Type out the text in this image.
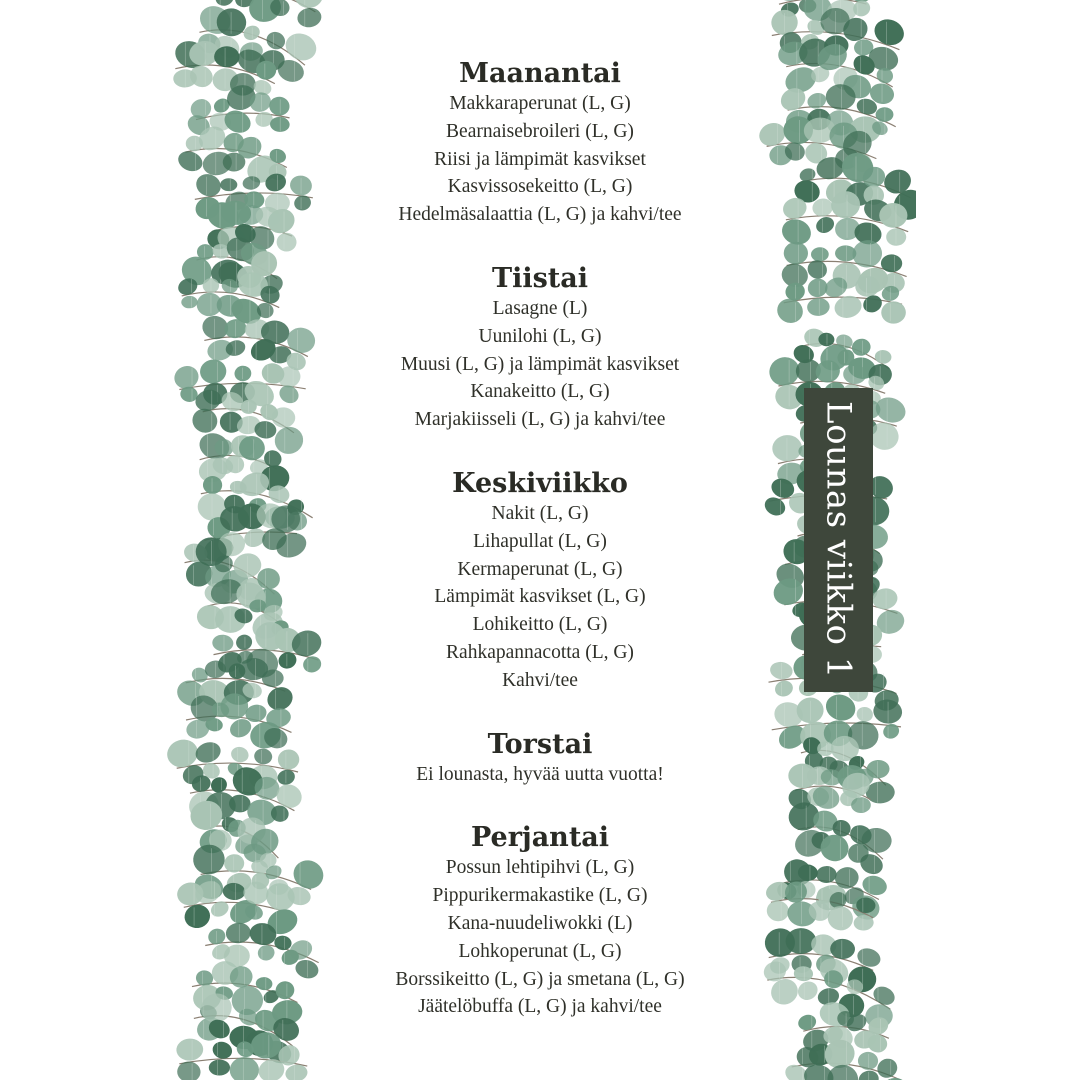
Maanantai

Makkaraperunat (L, G)

Bearnaisebroileri (L, G)

Riisi ja lämpimät kasvikset

Kasvissosekeitto (L, G)

Hedelmäsalaattia (L, G) ja kahvi/tee

Tiistai

Lasagne (L)

Uunilohi (L, G)

Muusi (L, G) ja lämpimät kasvikset

Kanakeitto (L, G)

Marjakiisseli (L, G) ja kahvi/tee

Keskiviikko

Nakit (L, G)

Lihapullat (L, G)

Kermaperunat (L, G)

Lämpimät kasvikset (L, G)

Lohikeitto (L, G)

Rahkapannacotta (L, G)

Kahvi/tee

Torstai

Ei lounasta, hyvää uutta vuotta!

Perjantai

Possun lehtipihvi (L, G)

Pippurikermakastike (L, G)

Kana-nuudeliwokki (L)

Lohkoperunat (L, G)

Borssikeitto (L, G) ja smetana (L, G)

Jäätelöbuffa (L, G) ja kahvi/tee

Lounas viikko 1
